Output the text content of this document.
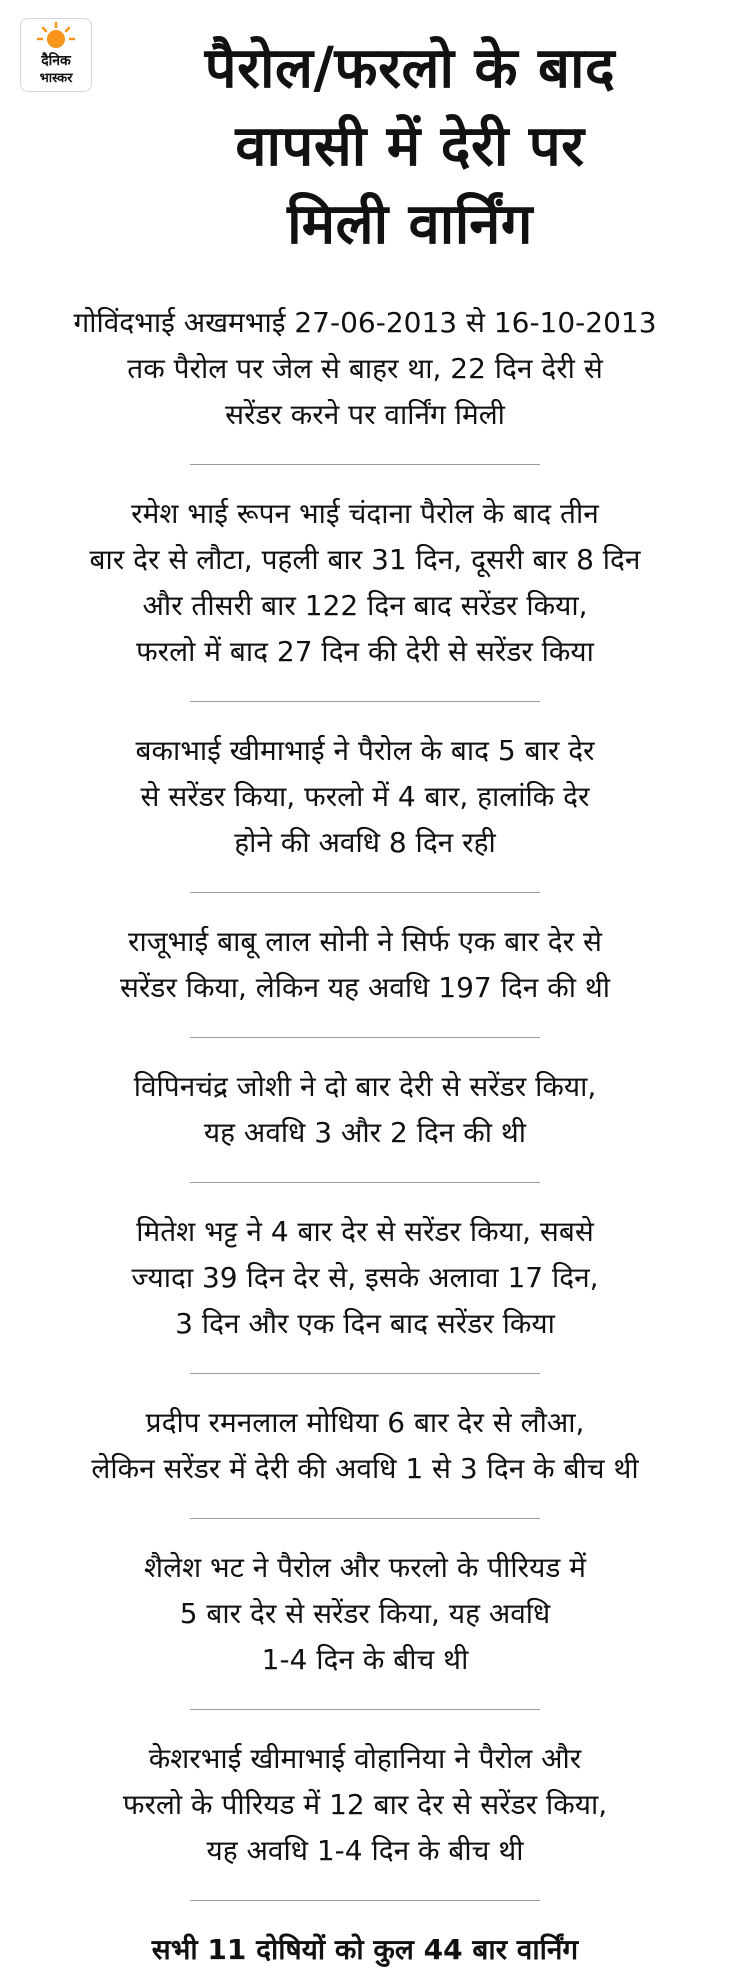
दैनिक
भास्कर	पैरोल/फरलो के बाद
वापसी में देरी पर
मिली वार्निंग
गोविंदभाई अखमभाई 27-06-2013 से 16-10-2013
तक पैरोल पर जेल से बाहर था, 22 दिन देरी से
सरेंडर करने पर वार्निंग मिली
रमेश भाई रूपन भाई चंदाना पैरोल के बाद तीन
बार देर से लौटा, पहली बार 31 दिन, दूसरी बार 8 दिन
और तीसरी बार 122 दिन बाद सरेंडर किया,
फरलो में बाद 27 दिन की देरी से सरेंडर किया
बकाभाई खीमाभाई ने पैरोल के बाद 5 बार देर
से सरेंडर किया, फरलो में 4 बार, हालांकि देर
होने की अवधि 8 दिन रही
राजूभाई बाबू लाल सोनी ने सिर्फ एक बार देर से
सरेंडर किया, लेकिन यह अवधि 197 दिन की थी
विपिनचंद्र जोशी ने दो बार देरी से सरेंडर किया,
यह अवधि 3 और 2 दिन की थी
मितेश भट्ट ने 4 बार देर से सरेंडर किया, सबसे
ज्यादा 39 दिन देर से, इसके अलावा 17 दिन,
3 दिन और एक दिन बाद सरेंडर किया
प्रदीप रमनलाल मोधिया 6 बार देर से लौआ,
लेकिन सरेंडर में देरी की अवधि 1 से 3 दिन के बीच थी
शैलेश भट ने पैरोल और फरलो के पीरियड में
5 बार देर से सरेंडर किया, यह अवधि
1-4 दिन के बीच थी
केशरभाई खीमाभाई वोहानिया ने पैरोल और
फरलो के पीरियड में 12 बार देर से सरेंडर किया,
यह अवधि 1-4 दिन के बीच थी
सभी 11 दोषियों को कुल 44 बार वार्निंग
